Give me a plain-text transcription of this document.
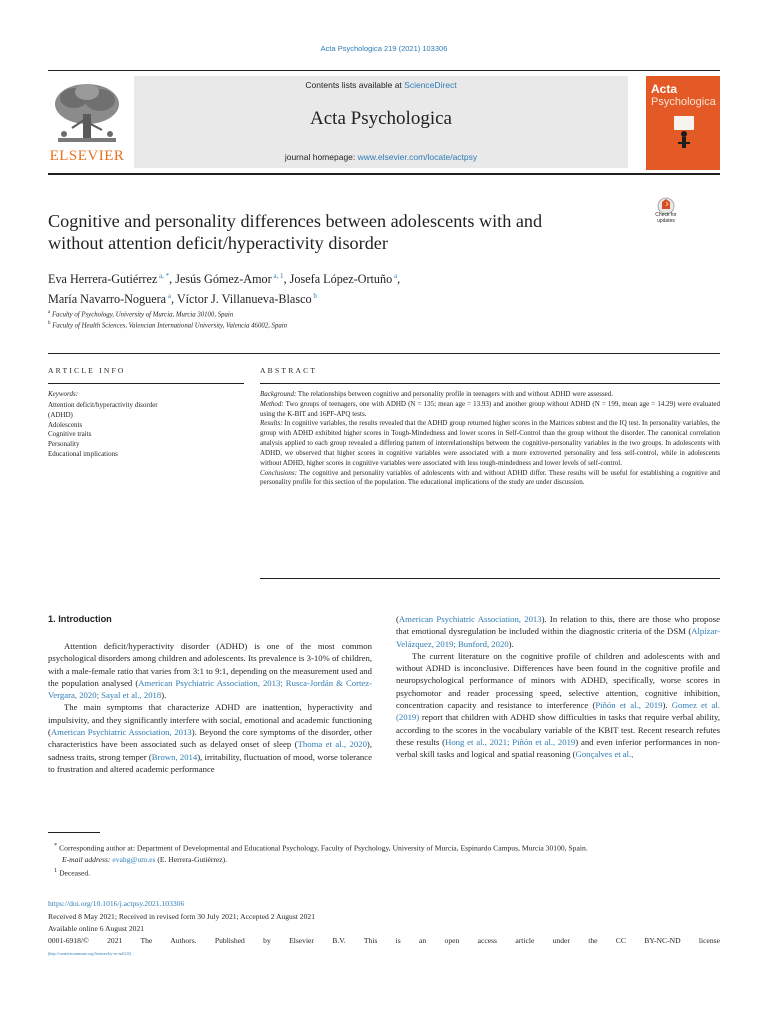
Acta Psychologica 219 (2021) 103306
ELSEVIER
Contents lists available at ScienceDirect
Acta Psychologica
journal homepage: www.elsevier.com/locate/actpsy
Acta
Psychologica
Check for
updates
Cognitive and personality differences between adolescents with and
without attention deficit/hyperactivity disorder
Eva Herrera-Gutiérrez $^{a, *}$, Jesús Gómez-Amor $^{a, 1}$, Josefa López-Ortuño $^a$,
María Navarro-Noguera $^a$, Víctor J. Villanueva-Blasco $^b$
$^a$ Faculty of Psychology, University of Murcia, Murcia 30100, Spain
$^b$ Faculty of Health Sciences, Valencian International University, Valencia 46002, Spain
ARTICLE INFO	ABSTRACT
Keywords:
Attention deficit/hyperactivity disorder
(ADHD)
Adolescents
Cognitive traits
Personality
Educational implications
Background: The relationships between cognitive and personality profile in teenagers with and without ADHD were assessed.
Method: Two groups of teenagers, one with ADHD (N = 135; mean age = 13.93) and another group without ADHD (N = 199, mean age = 14.29) were evaluated using the K-BIT and 16PF-APQ tests.
Results: In cognitive variables, the results revealed that the ADHD group returned higher scores in the Matrices subtest and the IQ test. In personality variables, the group with ADHD exhibited higher scores in Tough-Mindedness and lower scores in Self-Control than the group without the disorder. The canonical correlation analysis applied to each group revealed a differing pattern of interrelationships between the cognitive-personality variables in the two groups. In adolescents with ADHD, we observed that higher scores in cognitive variables were associated with a more extroverted personality and less self-control, while in adolescents without ADHD, higher scores in cognitive variables were associated with less tough-mindedness and lower levels of self-control.
Conclusions: The cognitive and personality variables of adolescents with and without ADHD differ. These results will be useful for establishing a cognitive and personality profile for this section of the population. The educational implications of the study are under discussion.
1. Introduction

Attention deficit/hyperactivity disorder (ADHD) is one of the most common psychological disorders among children and adolescents. Its prevalence is 3-10% of children, with a male-female ratio that varies from 3:1 to 9:1, depending on the measurement used and the population analysed (American Psychiatric Association, 2013; Rusca-Jordán & Cortez-Vergara, 2020; Sayal et al., 2018).

The main symptoms that characterize ADHD are inattention, hyperactivity and impulsivity, and they significantly interfere with social, emotional and academic functioning (American Psychiatric Association, 2013). Beyond the core symptoms of the disorder, other characteristics have been associated such as delayed onset of sleep (Thoma et al., 2020), sadness traits, strong temper (Brown, 2014), irritability, fluctuation of mood, worse tolerance to frustration and altered academic performance

(American Psychiatric Association, 2013). In relation to this, there are those who propose that emotional dysregulation be included within the diagnostic criteria of the DSM (Alpízar-Velázquez, 2019; Bunford, 2020).

The current literature on the cognitive profile of children and adolescents with and without ADHD is inconclusive. Differences have been found in the cognitive profile and neuropsychological performance of minors with ADHD, specifically, worse scores in psychomotor and reader processing speed, selective attention, cognitive inhibition, concentration capacity and resistance to interference (Piñón et al., 2019). Gomez et al. (2019) report that children with ADHD show difficulties in tasks that require verbal ability, according to the scores in the vocabulary variable of the KBIT test. Recent research refutes these results (Hong et al., 2021; Piñón et al., 2019) and even inferior performances in non-verbal skill tasks and logical and spatial reasoning (Gonçalves et al.,

* Corresponding author at: Department of Developmental and Educational Psychology, Faculty of Psychology, University of Murcia, Espinardo Campus, Murcia 30100, Spain.
E-mail address: evahg@um.es (E. Herrera-Gutiérrez).
$^1$ Deceased.
https://doi.org/10.1016/j.actpsy.2021.103306
Received 8 May 2021; Received in revised form 30 July 2021; Accepted 2 August 2021
Available online 6 August 2021
0001-6918/© 2021 The Authors. Published by Elsevier B.V. This is an open access article under the CC BY-NC-ND license
(http://creativecommons.org/licenses/by-nc-nd/4.0/).
